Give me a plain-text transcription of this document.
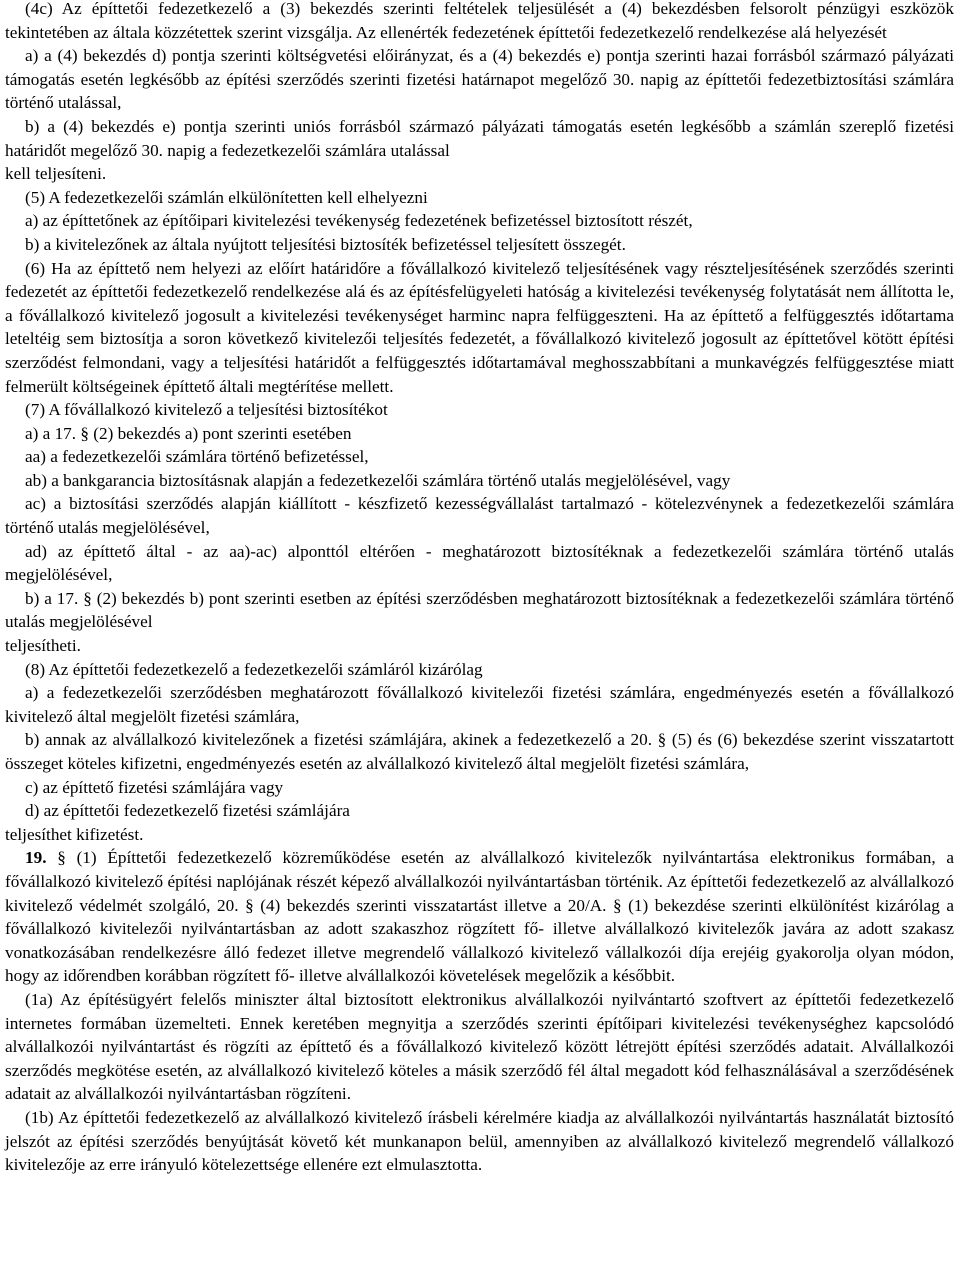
(4c) Az építtetői fedezetkezelő a (3) bekezdés szerinti feltételek teljesülését a (4) bekezdésben felsorolt pénzügyi eszközök tekintetében az általa közzétettek szerint vizsgálja. Az ellenérték fedezetének építtetői fedezetkezelő rendelkezése alá helyezését

a) a (4) bekezdés d) pontja szerinti költségvetési előirányzat, és a (4) bekezdés e) pontja szerinti hazai forrásból származó pályázati támogatás esetén legkésőbb az építési szerződés szerinti fizetési határnapot megelőző 30. napig az építtetői fedezetbiztosítási számlára történő utalással,

b) a (4) bekezdés e) pontja szerinti uniós forrásból származó pályázati támogatás esetén legkésőbb a számlán szereplő fizetési határidőt megelőző 30. napig a fedezetkezelői számlára utalással

kell teljesíteni.

(5) A fedezetkezelői számlán elkülönítetten kell elhelyezni

a) az építtetőnek az építőipari kivitelezési tevékenység fedezetének befizetéssel biztosított részét,

b) a kivitelezőnek az általa nyújtott teljesítési biztosíték befizetéssel teljesített összegét.

(6) Ha az építtető nem helyezi az előírt határidőre a fővállalkozó kivitelező teljesítésének vagy részteljesítésének szerződés szerinti fedezetét az építtetői fedezetkezelő rendelkezése alá és az építésfelügyeleti hatóság a kivitelezési tevékenység folytatását nem állította le, a fővállalkozó kivitelező jogosult a kivitelezési tevékenységet harminc napra felfüggeszteni. Ha az építtető a felfüggesztés időtartama leteltéig sem biztosítja a soron következő kivitelezői teljesítés fedezetét, a fővállalkozó kivitelező jogosult az építtetővel kötött építési szerződést felmondani, vagy a teljesítési határidőt a felfüggesztés időtartamával meghosszabbítani a munkavégzés felfüggesztése miatt felmerült költségeinek építtető általi megtérítése mellett.

(7) A fővállalkozó kivitelező a teljesítési biztosítékot

a) a 17. § (2) bekezdés a) pont szerinti esetében

aa) a fedezetkezelői számlára történő befizetéssel,

ab) a bankgarancia biztosításnak alapján a fedezetkezelői számlára történő utalás megjelölésével, vagy

ac) a biztosítási szerződés alapján kiállított - készfizető kezességvállalást tartalmazó - kötelezvénynek a fedezetkezelői számlára történő utalás megjelölésével,

ad) az építtető által - az aa)-ac) alponttól eltérően - meghatározott biztosítéknak a fedezetkezelői számlára történő utalás megjelölésével,

b) a 17. § (2) bekezdés b) pont szerinti esetben az építési szerződésben meghatározott biztosítéknak a fedezetkezelői számlára történő utalás megjelölésével

teljesítheti.

(8) Az építtetői fedezetkezelő a fedezetkezelői számláról kizárólag

a) a fedezetkezelői szerződésben meghatározott fővállalkozó kivitelezői fizetési számlára, engedményezés esetén a fővállalkozó kivitelező által megjelölt fizetési számlára,

b) annak az alvállalkozó kivitelezőnek a fizetési számlájára, akinek a fedezetkezelő a 20. § (5) és (6) bekezdése szerint visszatartott összeget köteles kifizetni, engedményezés esetén az alvállalkozó kivitelező által megjelölt fizetési számlára,

c) az építtető fizetési számlájára vagy

d) az építtetői fedezetkezelő fizetési számlájára

teljesíthet kifizetést.

19. § (1) Építtetői fedezetkezelő közreműködése esetén az alvállalkozó kivitelezők nyilvántartása elektronikus formában, a fővállalkozó kivitelező építési naplójának részét képező alvállalkozói nyilvántartásban történik. Az építtetői fedezetkezelő az alvállalkozó kivitelező védelmét szolgáló, 20. § (4) bekezdés szerinti visszatartást illetve a 20/A. § (1) bekezdése szerinti elkülönítést kizárólag a fővállalkozó kivitelezői nyilvántartásban az adott szakaszhoz rögzített fő- illetve alvállalkozó kivitelezők javára az adott szakasz vonatkozásában rendelkezésre álló fedezet illetve megrendelő vállalkozó kivitelező vállalkozói díja erejéig gyakorolja olyan módon, hogy az időrendben korábban rögzített fő- illetve alvállalkozói követelések megelőzik a későbbit.

(1a) Az építésügyért felelős miniszter által biztosított elektronikus alvállalkozói nyilvántartó szoftvert az építtetői fedezetkezelő internetes formában üzemelteti. Ennek keretében megnyitja a szerződés szerinti építőipari kivitelezési tevékenységhez kapcsolódó alvállalkozói nyilvántartást és rögzíti az építtető és a fővállalkozó kivitelező között létrejött építési szerződés adatait. Alvállalkozói szerződés megkötése esetén, az alvállalkozó kivitelező köteles a másik szerződő fél által megadott kód felhasználásával a szerződésének adatait az alvállalkozói nyilvántartásban rögzíteni.

(1b) Az építtetői fedezetkezelő az alvállalkozó kivitelező írásbeli kérelmére kiadja az alvállalkozói nyilvántartás használatát biztosító jelszót az építési szerződés benyújtását követő két munkanapon belül, amennyiben az alvállalkozó kivitelező megrendelő vállalkozó kivitelezője az erre irányuló kötelezettsége ellenére ezt elmulasztotta.
